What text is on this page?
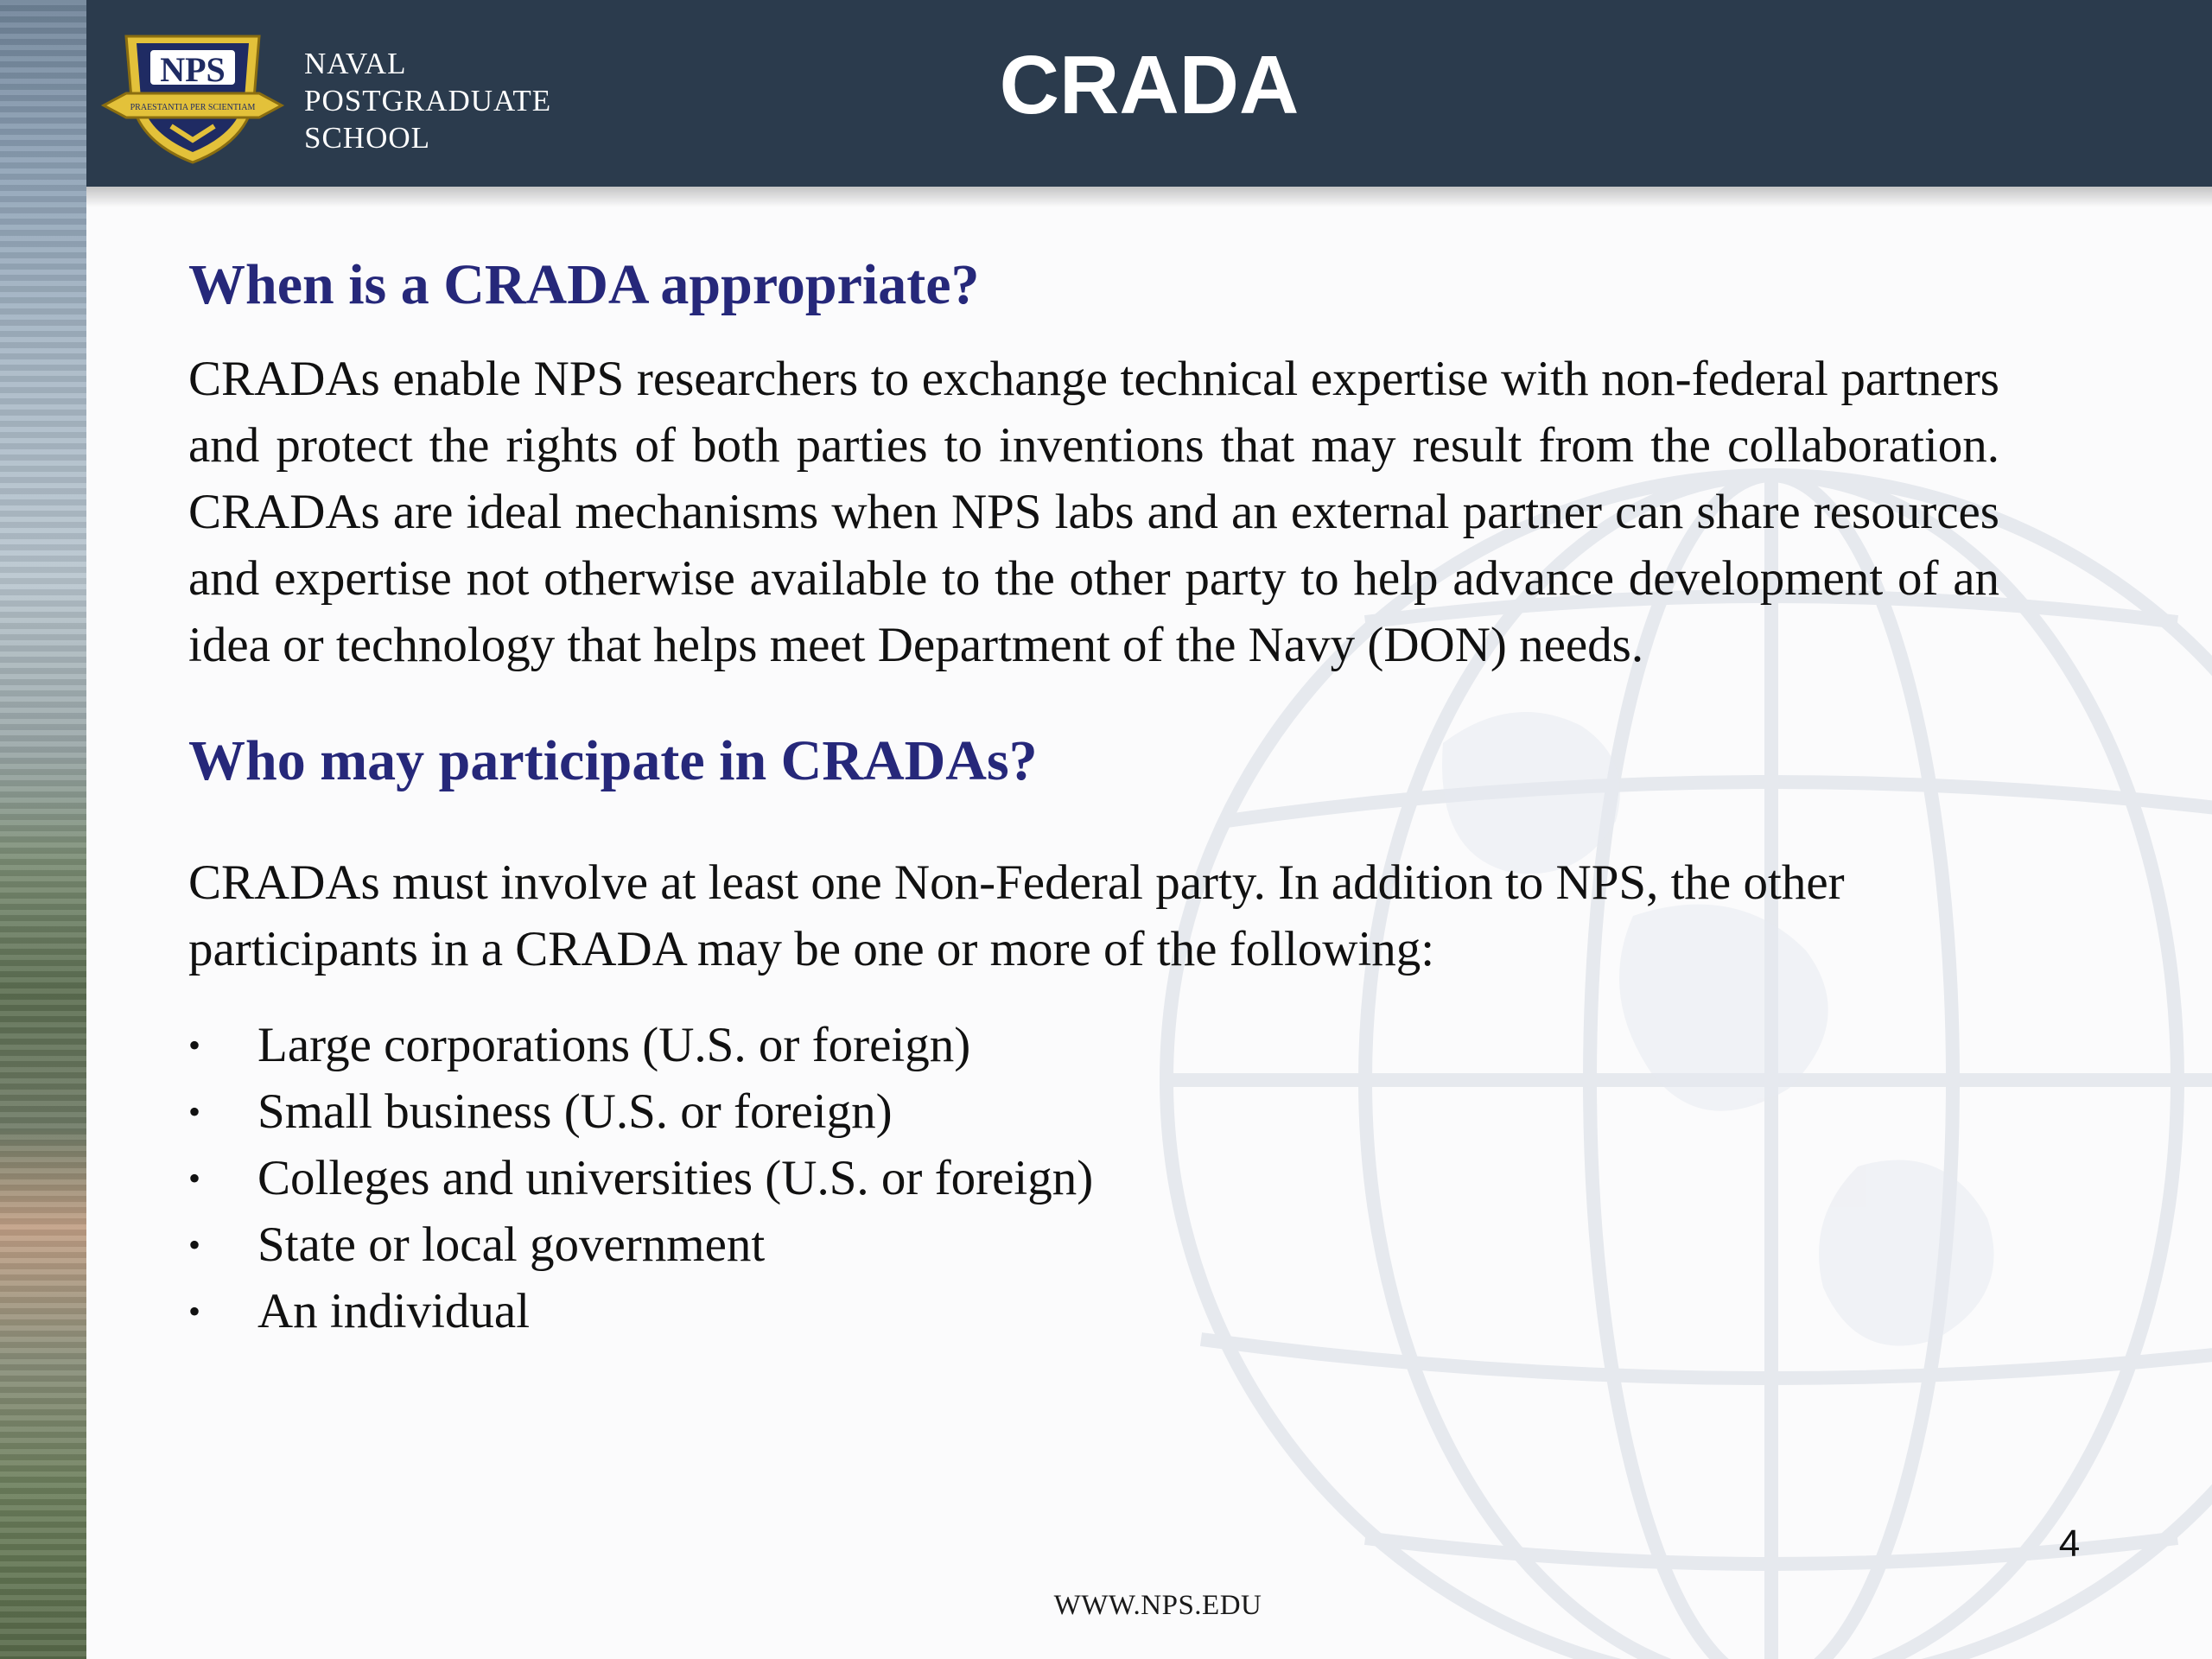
NPS
PRAESTANTIA PER SCIENTIAM
NAVAL
POSTGRADUATE
SCHOOL
CRADA
When is a CRADA appropriate?

CRADAs enable NPS researchers to exchange technical expertise with non-federal partners and protect the rights of both parties to inventions that may result from the collaboration. CRADAs are ideal mechanisms when NPS labs and an external partner can share resources and expertise not otherwise available to the other party to help advance development of an idea or technology that helps meet Department of the Navy (DON) needs.

Who may participate in CRADAs?

CRADAs must involve at least one Non-Federal party. In addition to NPS, the other participants in a CRADA may be one or more of the following:

• Large corporations (U.S. or foreign)
• Small business (U.S. or foreign)
• Colleges and universities (U.S. or foreign)
• State or local government
• An individual
4
WWW.NPS.EDU
